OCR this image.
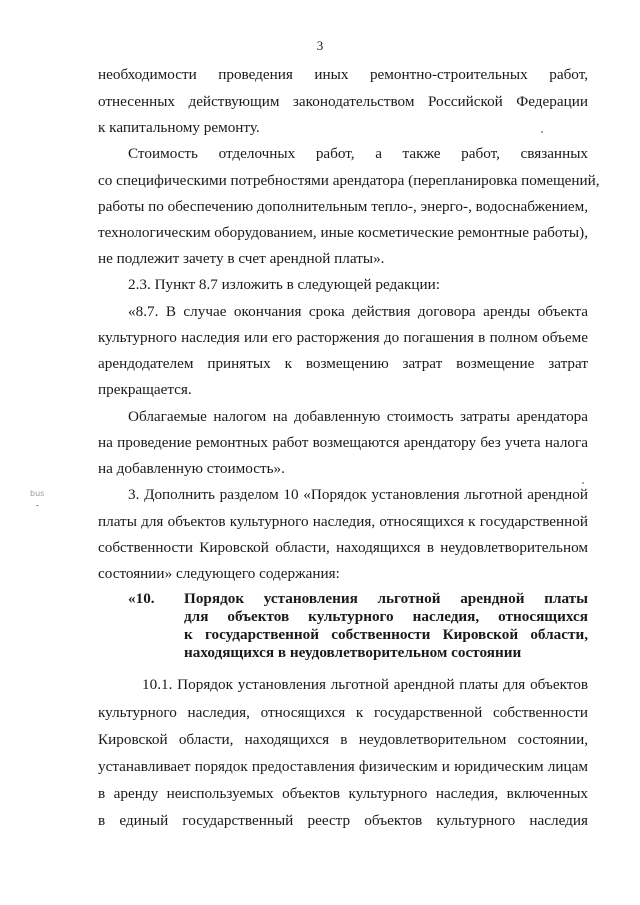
3
необходимости проведения иных ремонтно-строительных работ,
отнесенных действующим законодательством Российской Федерации
к капитальному ремонту.
Стоимость отделочных работ, а также работ, связанных
со специфическими потребностями арендатора (перепланировка помещений,
работы по обеспечению дополнительным тепло-, энерго-, водоснабжением,
технологическим оборудованием, иные косметические ремонтные работы),
не подлежит зачету в счет арендной платы».
2.3. Пункт 8.7 изложить в следующей редакции:
«8.7. В случае окончания срока действия договора аренды объекта
культурного наследия или его расторжения до погашения в полном объеме
арендодателем принятых к возмещению затрат возмещение затрат
прекращается.
Облагаемые налогом на добавленную стоимость затраты арендатора
на проведение ремонтных работ возмещаются арендатору без учета налога
на добавленную стоимость».
3. Дополнить разделом 10 «Порядок установления льготной арендной
платы для объектов культурного наследия, относящихся к государственной
собственности Кировской области, находящихся в неудовлетворительном
состоянии» следующего содержания:
«10. Порядок установления льготной арендной платы
для объектов культурного наследия, относящихся
к государственной собственности Кировской области,
находящихся в неудовлетворительном состоянии
10.1. Порядок установления льготной арендной платы для объектов
культурного наследия, относящихся к государственной собственности
Кировской области, находящихся в неудовлетворительном состоянии,
устанавливает порядок предоставления физическим и юридическим лицам
в аренду неиспользуемых объектов культурного наследия, включенных
в единый государственный реестр объектов культурного наследия
bus
